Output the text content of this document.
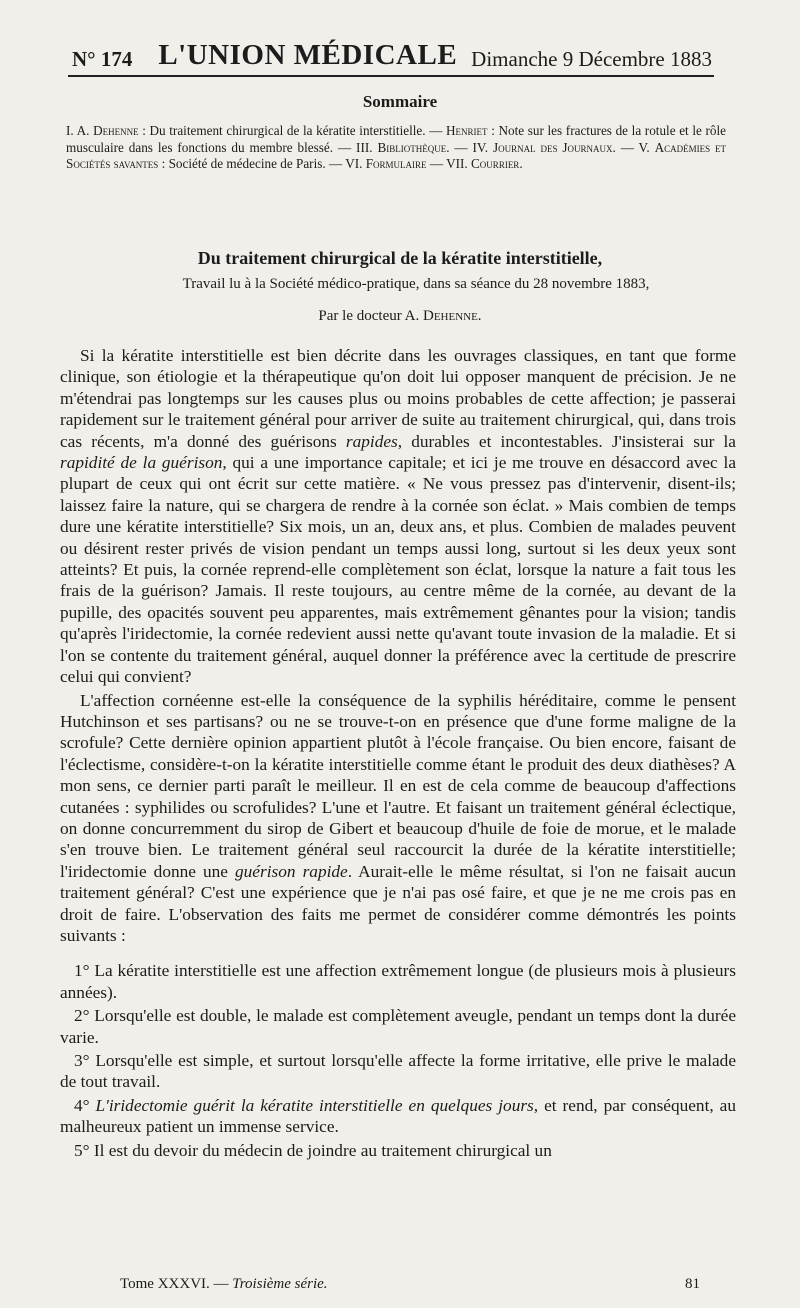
N° 174 L'UNION MÉDICALE Dimanche 9 Décembre 1883
Sommaire
I. A. Dehenne : Du traitement chirurgical de la kératite interstitielle. — Henriet : Note sur les fractures de la rotule et le rôle musculaire dans les fonctions du membre blessé. — III. Bibliothèque. — IV. Journal des Journaux. — V. Académies et Sociétés savantes : Société de médecine de Paris. — VI. Formulaire — VII. Courrier.
Du traitement chirurgical de la kératite interstitielle,
Travail lu à la Société médico-pratique, dans sa séance du 28 novembre 1883,
Par le docteur A. Dehenne.

Si la kératite interstitielle est bien décrite dans les ouvrages classiques, en tant que forme clinique, son étiologie et la thérapeutique qu'on doit lui opposer manquent de précision. Je ne m'étendrai pas longtemps sur les causes plus ou moins probables de cette affection; je passerai rapidement sur le traitement général pour arriver de suite au traitement chirurgical, qui, dans trois cas récents, m'a donné des guérisons rapides, durables et incontestables. J'insisterai sur la rapidité de la guérison, qui a une importance capitale; et ici je me trouve en désaccord avec la plupart de ceux qui ont écrit sur cette matière. « Ne vous pressez pas d'intervenir, disent-ils; laissez faire la nature, qui se chargera de rendre à la cornée son éclat. » Mais combien de temps dure une kératite interstitielle? Six mois, un an, deux ans, et plus. Combien de malades peuvent ou désirent rester privés de vision pendant un temps aussi long, surtout si les deux yeux sont atteints? Et puis, la cornée reprend-elle complètement son éclat, lorsque la nature a fait tous les frais de la guérison? Jamais. Il reste toujours, au centre même de la cornée, au devant de la pupille, des opacités souvent peu apparentes, mais extrêmement gênantes pour la vision; tandis qu'après l'iridectomie, la cornée redevient aussi nette qu'avant toute invasion de la maladie. Et si l'on se contente du traitement général, auquel donner la préférence avec la certitude de prescrire celui qui convient?

L'affection cornéenne est-elle la conséquence de la syphilis héréditaire, comme le pensent Hutchinson et ses partisans? ou ne se trouve-t-on en présence que d'une forme maligne de la scrofule? Cette dernière opinion appartient plutôt à l'école française. Ou bien encore, faisant de l'éclectisme, considère-t-on la kératite interstitielle comme étant le produit des deux diathèses? A mon sens, ce dernier parti paraît le meilleur. Il en est de cela comme de beaucoup d'affections cutanées : syphilides ou scrofulides? L'une et l'autre. Et faisant un traitement général éclectique, on donne concurremment du sirop de Gibert et beaucoup d'huile de foie de morue, et le malade s'en trouve bien. Le traitement général seul raccourcit la durée de la kératite interstitielle; l'iridectomie donne une guérison rapide. Aurait-elle le même résultat, si l'on ne faisait aucun traitement général? C'est une expérience que je n'ai pas osé faire, et que je ne me crois pas en droit de faire. L'observation des faits me permet de considérer comme démontrés les points suivants :

1° La kératite interstitielle est une affection extrêmement longue (de plusieurs mois à plusieurs années).

2° Lorsqu'elle est double, le malade est complètement aveugle, pendant un temps dont la durée varie.

3° Lorsqu'elle est simple, et surtout lorsqu'elle affecte la forme irritative, elle prive le malade de tout travail.

4° L'iridectomie guérit la kératite interstitielle en quelques jours, et rend, par conséquent, au malheureux patient un immense service.

5° Il est du devoir du médecin de joindre au traitement chirurgical un

Tome XXXVI. — Troisième série.	81
